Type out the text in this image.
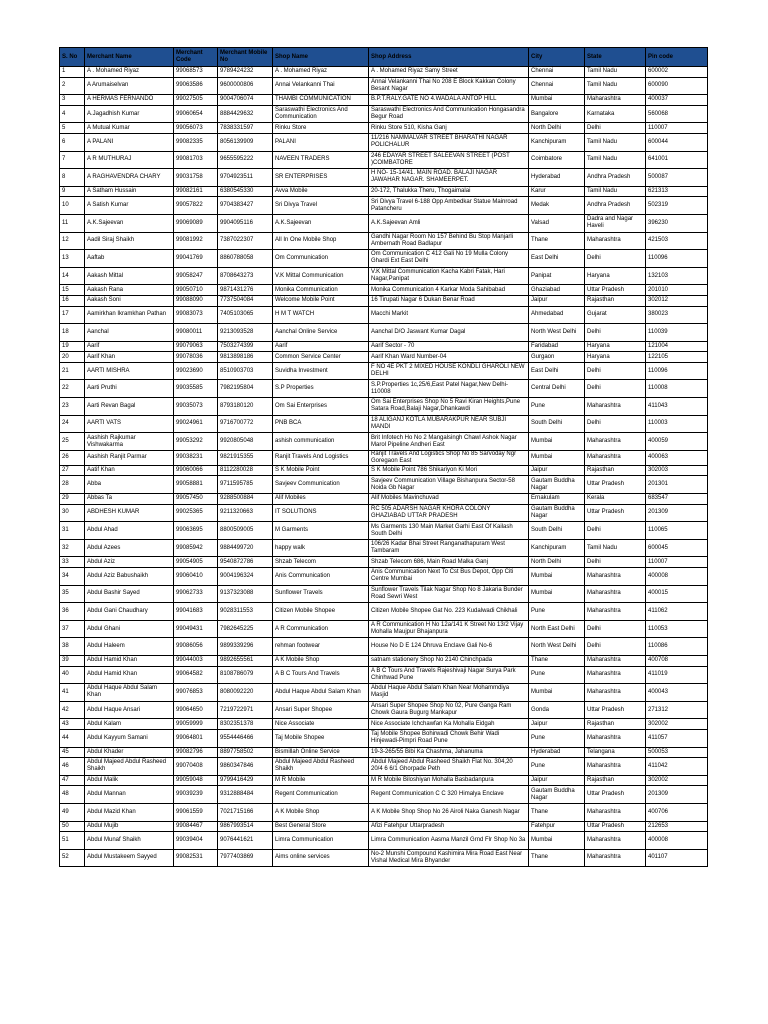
S. No	Merchant Name	Merchant Code	Merchant Mobile No	Shop Name	Shop Address	City	State	Pin code
1	A . Mohamed Riyaz	99068573	9789424232	A . Mohamed Riyaz	A . Mohamed Riyaz Samy Street	Chennai	Tamil Nadu	600002
2	A Arumaiselvan	99063586	9600000806	Annai Velankanni Thai	Annai Velankanni Thai No 208 E Block Kakkan Colony Besant Nagar	Chennai	Tamil Nadu	600090
3	A HERMAS FERNANDO	99027505	9004706074	THAMBI COMMUNICATION	B.P.T.RALY.GATE NO 4.WADALA ANTOP HILL	Mumbai	Maharashtra	400037
4	A.Jagadhish Kumar	99060654	8884429632	Saraswathi Electronics And Communication	Saraswathi Electronics And Communication Hongasandra Begur Road	Bangalore	Karnataka	560068
5	A Mutual Kumar	99056073	7838331597	Rinku Store	Rinku Store 510, Kisha Ganj	North Delhi	Delhi	110007
6	A PALANI	99082335	8056139909	PALANI	11/216 NAMMALVAR STREET BHARATHI NAGAR POLICHALUR	Kanchipuram	Tamil Nadu	600044
7	A R MUTHURAJ	99081703	9655595222	NAVEEN TRADERS	246 EDAYAR STREET SALEEVAN STREET (POST )COIMBATORE	Coimbatore	Tamil Nadu	641001
8	A RAGHAVENDRA CHARY	99031758	9704923511	SR ENTERPRISES	H NO- 15-14/41. MAIN ROAD. BALAJI NAGAR JAWAHAR NAGAR. SHAMEERPET.	Hyderabad	Andhra Pradesh	500087
9	A Satham Hussain	99082161	6380545330	Avva Mobile	20-172, Thalukka Theru, Thogaimalai	Karur	Tamil Nadu	621313
10	A Satish Kumar	99057822	9704383427	Sri Divya Travel	Sri Divya Travel 6-188 Opp Ambedkar Statue Mainroad Patancheru	Medak	Andhra Pradesh	502319
11	A.K.Sajeevan	99069089	9904095116	A.K.Sajeevan	A.K.Sajeevan Amli	Valsad	Dadra and Nagar Haveli	396230
12	Aadil Siraj Shaikh	99081992	7387022307	All In One Mobile Shop	Gandhi Nagar Room No 157 Behind Bu Stop Manjarli Ambernath Road Badlapur	Thane	Maharashtra	421503
13	Aaftab	99041769	8860788058	Om Communication	Om Communication C 412 Gali No 19 Mulla Colony Ghardi Ext East Delhi	East Delhi	Delhi	110096
14	Aakash Mittal	99058247	8708643273	V.K Mittal Communication	V.K Mittal Communication Kacha Kabri Fatak, Hari Nagar,Panipat	Panipat	Haryana	132103
15	Aakash Rana	99050710	9871431276	Monika Communication	Monika Communication 4 Karkar Moda Sahibabad	Ghaziabad	Uttar Pradesh	201010
16	Aakash Soni	99088090	7737504084	Welcome Mobile Point	16 Tirupati Nagar 6 Dukan Benar Road	Jaipur	Rajasthan	302012
17	Aamirkhan Ikramkhan Pathan	99083073	7405103065	H M T WATCH	Macchi Markit	Ahmedabad	Gujarat	380023
18	Aanchal	99080011	9213093528	Aanchal Online Service	Aanchal D/O Jaswant Kumar Dagal	North West Delhi	Delhi	110039
19	Aarif	99079063	7503274399	Aarif	Aarif Sector - 70	Faridabad	Haryana	121004
20	Aarif Khan	99078036	9813898186	Common Service Center	Aarif Khan Ward Number-04	Gurgaon	Haryana	122105
21	AARTI MISHRA	99023690	8510903703	Suvidha Investment	F NO 4E PKT 2 MIXED HOUSE KONDLI GHAROLI NEW DELHI	East Delhi	Delhi	110096
22	Aarti Pruthi	99035585	7982195804	S.P Properties	S.P.Properties 1c,25/6,East Patel Nagar,New Delhi-110008	Central Delhi	Delhi	110008
23	Aarti Revan Bagal	99035073	8793180120	Om Sai Enterprises	Om Sai Enterprises Shop No 5 Ravi Kiran Heights,Pune Satara Road,Balaji Nagar,Dhankawdi	Pune	Maharashtra	411043
24	AARTI VATS	99024961	9716700772	PNB BCA	18 ALIGANJ KOTLA MUBARAKPUR NEAR SUBJI MANDI	South Delhi	Delhi	110003
25	Aashish Rajkumar Vishwakarma	99053292	9920805048	ashish communication	Brit Infotech Ho No 2 Mangalsingh Chawl Ashok Nagar Marol Pipeline Andheri East	Mumbai	Maharashtra	400059
26	Aashish Ranjit Parmar	99038231	9821915355	Ranjit Travels And Logistics	Ranjit Travels And Logistics Shop No 85 Sarvoday Ngr Goregaon East	Mumbai	Maharashtra	400063
27	Aatif Khan	99060066	8112280028	S K Mobile Point	S K Mobile Point 786 Shikariyon Ki Mori	Jaipur	Rajasthan	302003
28	Abba	99058881	9711595785	Savjeev Communication	Savjeev Communication Village Bishanpura Sector-58 Noida Gb Nagar	Gautam Buddha Nagar	Uttar Pradesh	201301
29	Abbas Ta	99057450	9288500884	Alif Mobiles	Alif Mobiles Mavinchuvad	Ernakulam	Kerala	683547
30	ABDHESH KUMAR	99025365	9211320663	IT SOLUTIONS	RC 505 ADARSH NAGAR KHORA COLONY GHAZIABAD UTTAR PRADESH	Gautam Buddha Nagar	Uttar Pradesh	201309
31	Abdul Ahad	99063695	8800509005	M Garments	Ms Garments 130 Main Market Garhi East Of Kailash South Delhi	South Delhi	Delhi	110065
32	Abdul Azees	99085942	9884499720	happy walk	106/26 Kadar Bhai Street Ranganathapuram West Tambaram	Kanchipuram	Tamil Nadu	600045
33	Abdul Aziz	99054905	9540872786	Shzab Telecom	Shzab Telecom 686, Main Road Malka Ganj	North Delhi	Delhi	110007
34	Abdul Aziz Babushaikh	99060410	9004196324	Anis Communication	Anis Communication Next To Cst Bus Depot, Opp Citi Centre Mumbai	Mumbai	Maharashtra	400008
35	Abdul Bashir Sayed	99062733	9137323088	Sunflower Travels	Sunflower Travels Tilak Nagar Shop No 8 Jakaria Bunder Road Sewri West	Mumbai	Maharashtra	400015
36	Abdul Gani Chaudhary	99041683	9028311553	Citizen Mobile Shopee	Citizen Mobile Shopee Gat No. 223 Kudalwadi Chikhali	Pune	Maharashtra	411062
37	Abdul Ghani	99049431	7982645225	A R Communication	A R Communication H No 12a/141 K Street No 13/2 Vijay Mohalla Maujpur Bhajanpura	North East Delhi	Delhi	110053
38	Abdul Haleem	99086056	9899339296	rehman footwear	House No D E 124 Dhruva Enclave Gali No-6	North West Delhi	Delhi	110086
39	Abdul Hamid Khan	99044003	9892655561	A K Mobile Shop	satnam stationery Shop No 2140 Chinchpada	Thane	Maharashtra	400708
40	Abdul Hamid Khan	99064582	8108786079	A B C Tours And Travels	A B C Tours And Travels Rajeshivaji Nagar Surya Park Chinhwad Pune	Pune	Maharashtra	411019
41	Abdul Haque Abdul Salam Khan	99076853	8080092220	Abdul Haque Abdul Salam Khan	Abdul Haque Abdul Salam Khan Near Mohammdiya Masjid	Mumbai	Maharashtra	400043
42	Abdul Haque Ansari	99064650	7219722971	Ansari Super Shopee	Ansari Super Shopee Shop No 02, Pure Ganga Ram Chowk Gaura Bugurg Mankapur	Gonda	Uttar Pradesh	271312
43	Abdul Kalam	99059999	8302351378	Nice Associate	Nice Associate Ichchawfan Ka Mohalla Eidgah	Jaipur	Rajasthan	302002
44	Abdul Kayyum Samani	99064801	9554446466	Taj Mobile Shopee	Taj Mobile Shopee Bohirwadi Chowk Behir Wadi Hinjewadi-Pimpri Road Pune	Pune	Maharashtra	411057
45	Abdul Khader	99082796	8897758502	Bismillah Online Service	19-3-265/55 Bibi Ka Chashma, Jahanuma	Hyderabad	Telangana	500053
46	Abdul Majeed Abdul Rasheed Shaikh	99070408	9860347846	Abdul Majeed Abdul Rasheed Shaikh	Abdul Majeed Abdul Rasheed Shaikh Flat No. 304,20 20/4 6 6/1 Ghorpade Peth	Pune	Maharashtra	411042
47	Abdul Malik	99059048	9799416429	M R Mobile	M R Mobile Biloshiyan Mohalla Basbadanpura	Jaipur	Rajasthan	302002
48	Abdul Mannan	99039239	9312888484	Regent Communication	Regent Communication C C 320 Himalya Enclave	Gautam Buddha Nagar	Uttar Pradesh	201309
49	Abdul Mazid Khan	99061559	7021715166	A K Mobile Shop	A K Mobile Shop Shop No 26 Airoli Naka Ganesh Nagar	Thane	Maharashtra	400706
50	Abdul Mujib	99084467	9867993514	Best General Store	Afizi Fatehpur Uttarpradesh	Fatehpur	Uttar Pradesh	212653
51	Abdul Munaf Shaikh	99039404	9076441621	Limra Communication	Limra Communication Aasma Manzil Grnd Flr Shop No 3a	Mumbai	Maharashtra	400008
52	Abdul Mustakeem Sayyed	99082531	7977403869	Aims online services	No-2 Munshi Compound Kashimira Mira Road East Near Vishal Medical Mira Bhyander	Thane	Maharashtra	401107
